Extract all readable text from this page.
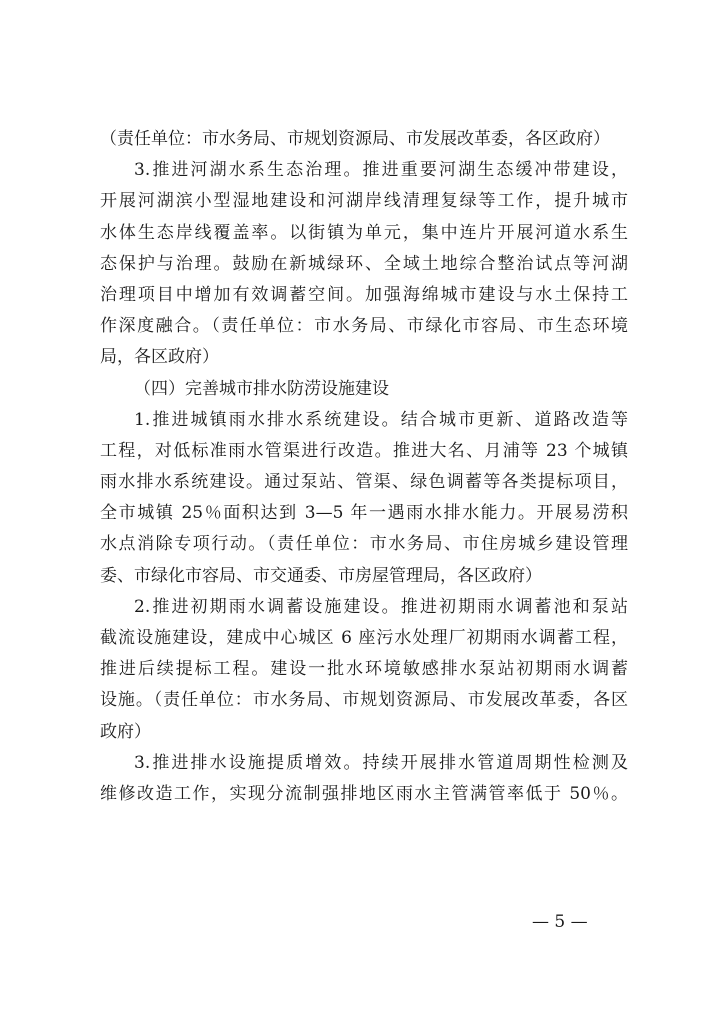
（责任单位：市水务局、市规划资源局、市发展改革委，各区政府）
3.推进河湖水系生态治理。推进重要河湖生态缓冲带建设，
开展河湖滨小型湿地建设和河湖岸线清理复绿等工作，提升城市
水体生态岸线覆盖率。以街镇为单元，集中连片开展河道水系生
态保护与治理。鼓励在新城绿环、全域土地综合整治试点等河湖
治理项目中增加有效调蓄空间。加强海绵城市建设与水土保持工
作深度融合。（责任单位：市水务局、市绿化市容局、市生态环境
局，各区政府）
（四）完善城市排水防涝设施建设
1.推进城镇雨水排水系统建设。结合城市更新、道路改造等
工程，对低标准雨水管渠进行改造。推进大名、月浦等 23 个城镇
雨水排水系统建设。通过泵站、管渠、绿色调蓄等各类提标项目，
全市城镇 25％面积达到 3—5 年一遇雨水排水能力。开展易涝积
水点消除专项行动。（责任单位：市水务局、市住房城乡建设管理
委、市绿化市容局、市交通委、市房屋管理局，各区政府）
2.推进初期雨水调蓄设施建设。推进初期雨水调蓄池和泵站
截流设施建设，建成中心城区 6 座污水处理厂初期雨水调蓄工程，
推进后续提标工程。建设一批水环境敏感排水泵站初期雨水调蓄
设施。（责任单位：市水务局、市规划资源局、市发展改革委，各区
政府）
3.推进排水设施提质增效。持续开展排水管道周期性检测及
维修改造工作，实现分流制强排地区雨水主管满管率低于 50％。
— 5 —
